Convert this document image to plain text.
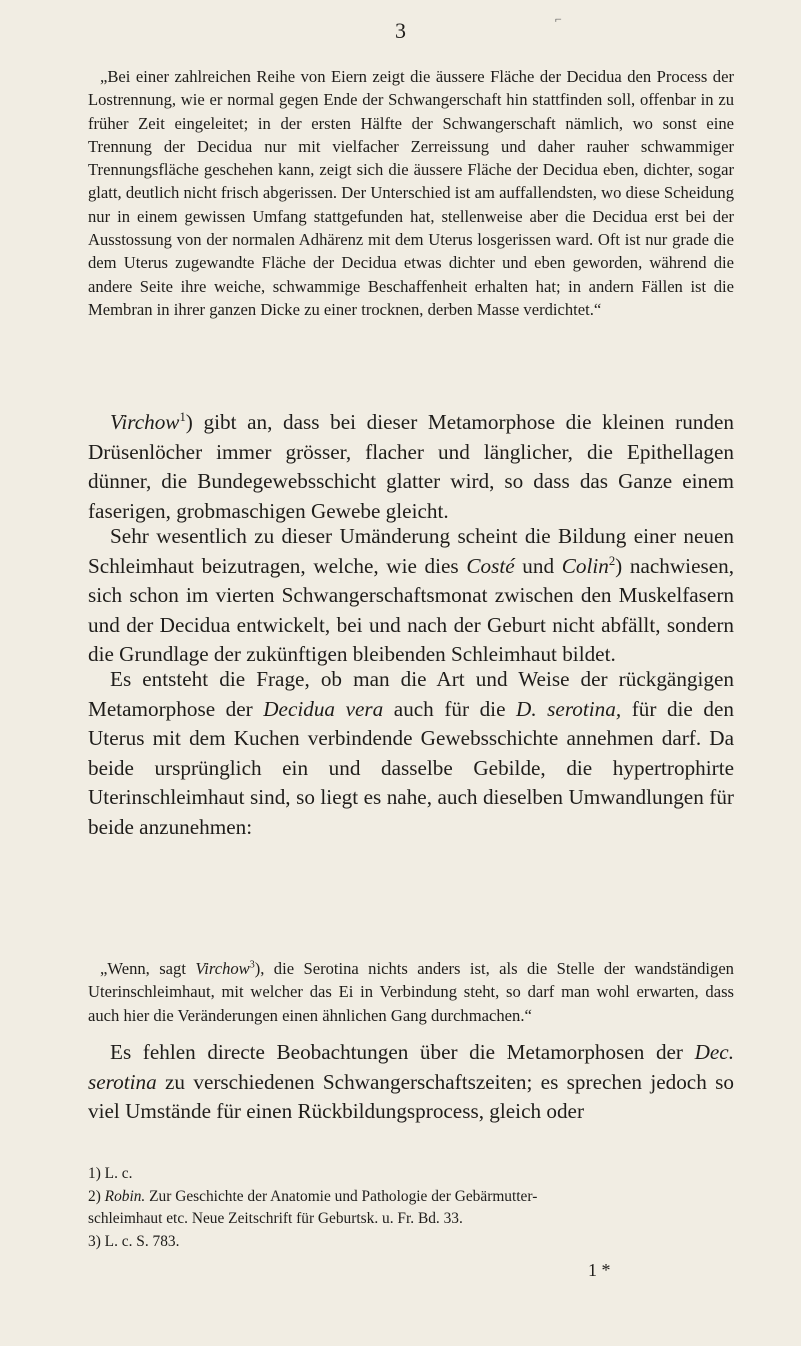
3	⌐

„Bei einer zahlreichen Reihe von Eiern zeigt die äussere Fläche der Decidua den Process der Lostrennung, wie er normal gegen Ende der Schwangerschaft hin stattfinden soll, offenbar in zu früher Zeit eingeleitet; in der ersten Hälfte der Schwangerschaft nämlich, wo sonst eine Trennung der Decidua nur mit vielfacher Zerreissung und daher rauher schwammiger Trennungsfläche geschehen kann, zeigt sich die äussere Fläche der Decidua eben, dichter, sogar glatt, deutlich nicht frisch abgerissen. Der Unterschied ist am auffallendsten, wo diese Scheidung nur in einem gewissen Umfang stattgefunden hat, stellenweise aber die Decidua erst bei der Ausstossung von der normalen Adhärenz mit dem Uterus losgerissen ward. Oft ist nur grade die dem Uterus zugewandte Fläche der Decidua etwas dichter und eben geworden, während die andere Seite ihre weiche, schwammige Beschaffenheit erhalten hat; in andern Fällen ist die Membran in ihrer ganzen Dicke zu einer trocknen, derben Masse verdichtet.“

Virchow$^1$) gibt an, dass bei dieser Metamorphose die kleinen runden Drüsenlöcher immer grösser, flacher und länglicher, die Epithellagen dünner, die Bundegewebsschicht glatter wird, so dass das Ganze einem faserigen, grobmaschigen Gewebe gleicht.

Sehr wesentlich zu dieser Umänderung scheint die Bildung einer neuen Schleimhaut beizutragen, welche, wie dies Costé und Colin$^2$) nachwiesen, sich schon im vierten Schwangerschaftsmonat zwischen den Muskelfasern und der Decidua entwickelt, bei und nach der Geburt nicht abfällt, sondern die Grundlage der zukünftigen bleibenden Schleimhaut bildet.

Es entsteht die Frage, ob man die Art und Weise der rückgängigen Metamorphose der Decidua vera auch für die D. serotina, für die den Uterus mit dem Kuchen verbindende Gewebsschichte annehmen darf. Da beide ursprünglich ein und dasselbe Gebilde, die hypertrophirte Uterinschleimhaut sind, so liegt es nahe, auch dieselben Umwandlungen für beide anzunehmen:

„Wenn, sagt Virchow$^3$), die Serotina nichts anders ist, als die Stelle der wandständigen Uterinschleimhaut, mit welcher das Ei in Verbindung steht, so darf man wohl erwarten, dass auch hier die Veränderungen einen ähnlichen Gang durchmachen.“

Es fehlen directe Beobachtungen über die Metamorphosen der Dec. serotina zu verschiedenen Schwangerschaftszeiten; es sprechen jedoch so viel Umstände für einen Rückbildungsprocess, gleich oder

1) L. c.

2) Robin. Zur Geschichte der Anatomie und Pathologie der Gebärmutter-

schleimhaut etc. Neue Zeitschrift für Geburtsk. u. Fr. Bd. 33.

3) L. c. S. 783.

1 *
